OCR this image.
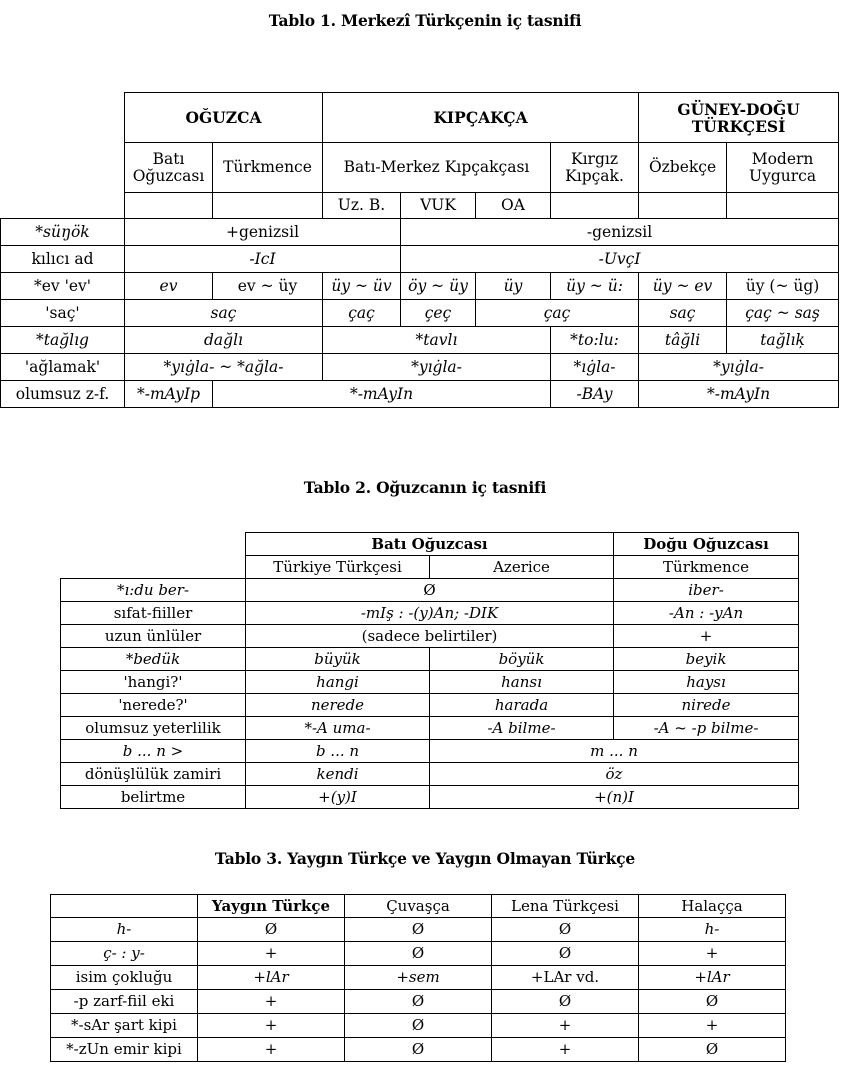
Tablo 1. Merkezî Türkçenin iç tasnifi
	OĞUZCA		KIPÇAKÇA				GÜNEY-DOĞU TÜRKÇESİ		
	Batı Oğuzcası	Türkmence	Batı-Merkez Kıpçakçası			Kırgız Kıpçak.	Özbekçe	Modern Uygurca	
			Uz. B.	VUK	OA				
*süŋök	+genizsil			-genizsil	
kılıcı ad	-IcI			-UvçI	
*ev 'ev'	ev	ev ~ üy	üy ~ üv	öy ~ üy	üy	üy ~ ü:	üy ~ ev	üy (~ üg)	
'saç'	saç		çaç	çeç	çaç		saç	çaç ~ saş	
*tağlıg	dağlı		*tavlı			*to:lu:	tâğli	tağlıķ	
'ağlamak'	*yıġla- ~ *ağla-		*yıġla-			*ıġla-	*yıġla-		
olumsuz z-f.	*-mAyIp	*-mAyIn				-BAy	*-mAyIn		
Tablo 2. Oğuzcanın iç tasnifi
	Batı Oğuzcası		Doğu Oğuzcası
	Türkiye Türkçesi	Azerice	Türkmence
*ı:du ber-	Ø		iber-
sıfat-fiiller	-mIş : -(y)An; -DIK		-An : -yAn
uzun ünlüler	(sadece belirtiler)		+
*bedük	büyük	böyük	beyik
'hangi?'	hangi	hansı	haysı
'nerede?'	nerede	harada	nirede
olumsuz yeterlilik	*-A uma-	-A bilme-	-A ~ -p bilme-
b ... n >	b ... n	m ... n	
dönüşlülük zamiri	kendi	öz	
belirtme	+(y)I	+(n)I	
Tablo 3. Yaygın Türkçe ve Yaygın Olmayan Türkçe
	Yaygın Türkçe	Çuvaşça	Lena Türkçesi	Halaçça
h-	Ø	Ø	Ø	h-
ç- : y-	+	Ø	Ø	+
isim çokluğu	+lAr	+sem	+LAr vd.	+lAr
-p zarf-fiil eki	+	Ø	Ø	Ø
*-sAr şart kipi	+	Ø	+	+
*-zUn emir kipi	+	Ø	+	Ø
